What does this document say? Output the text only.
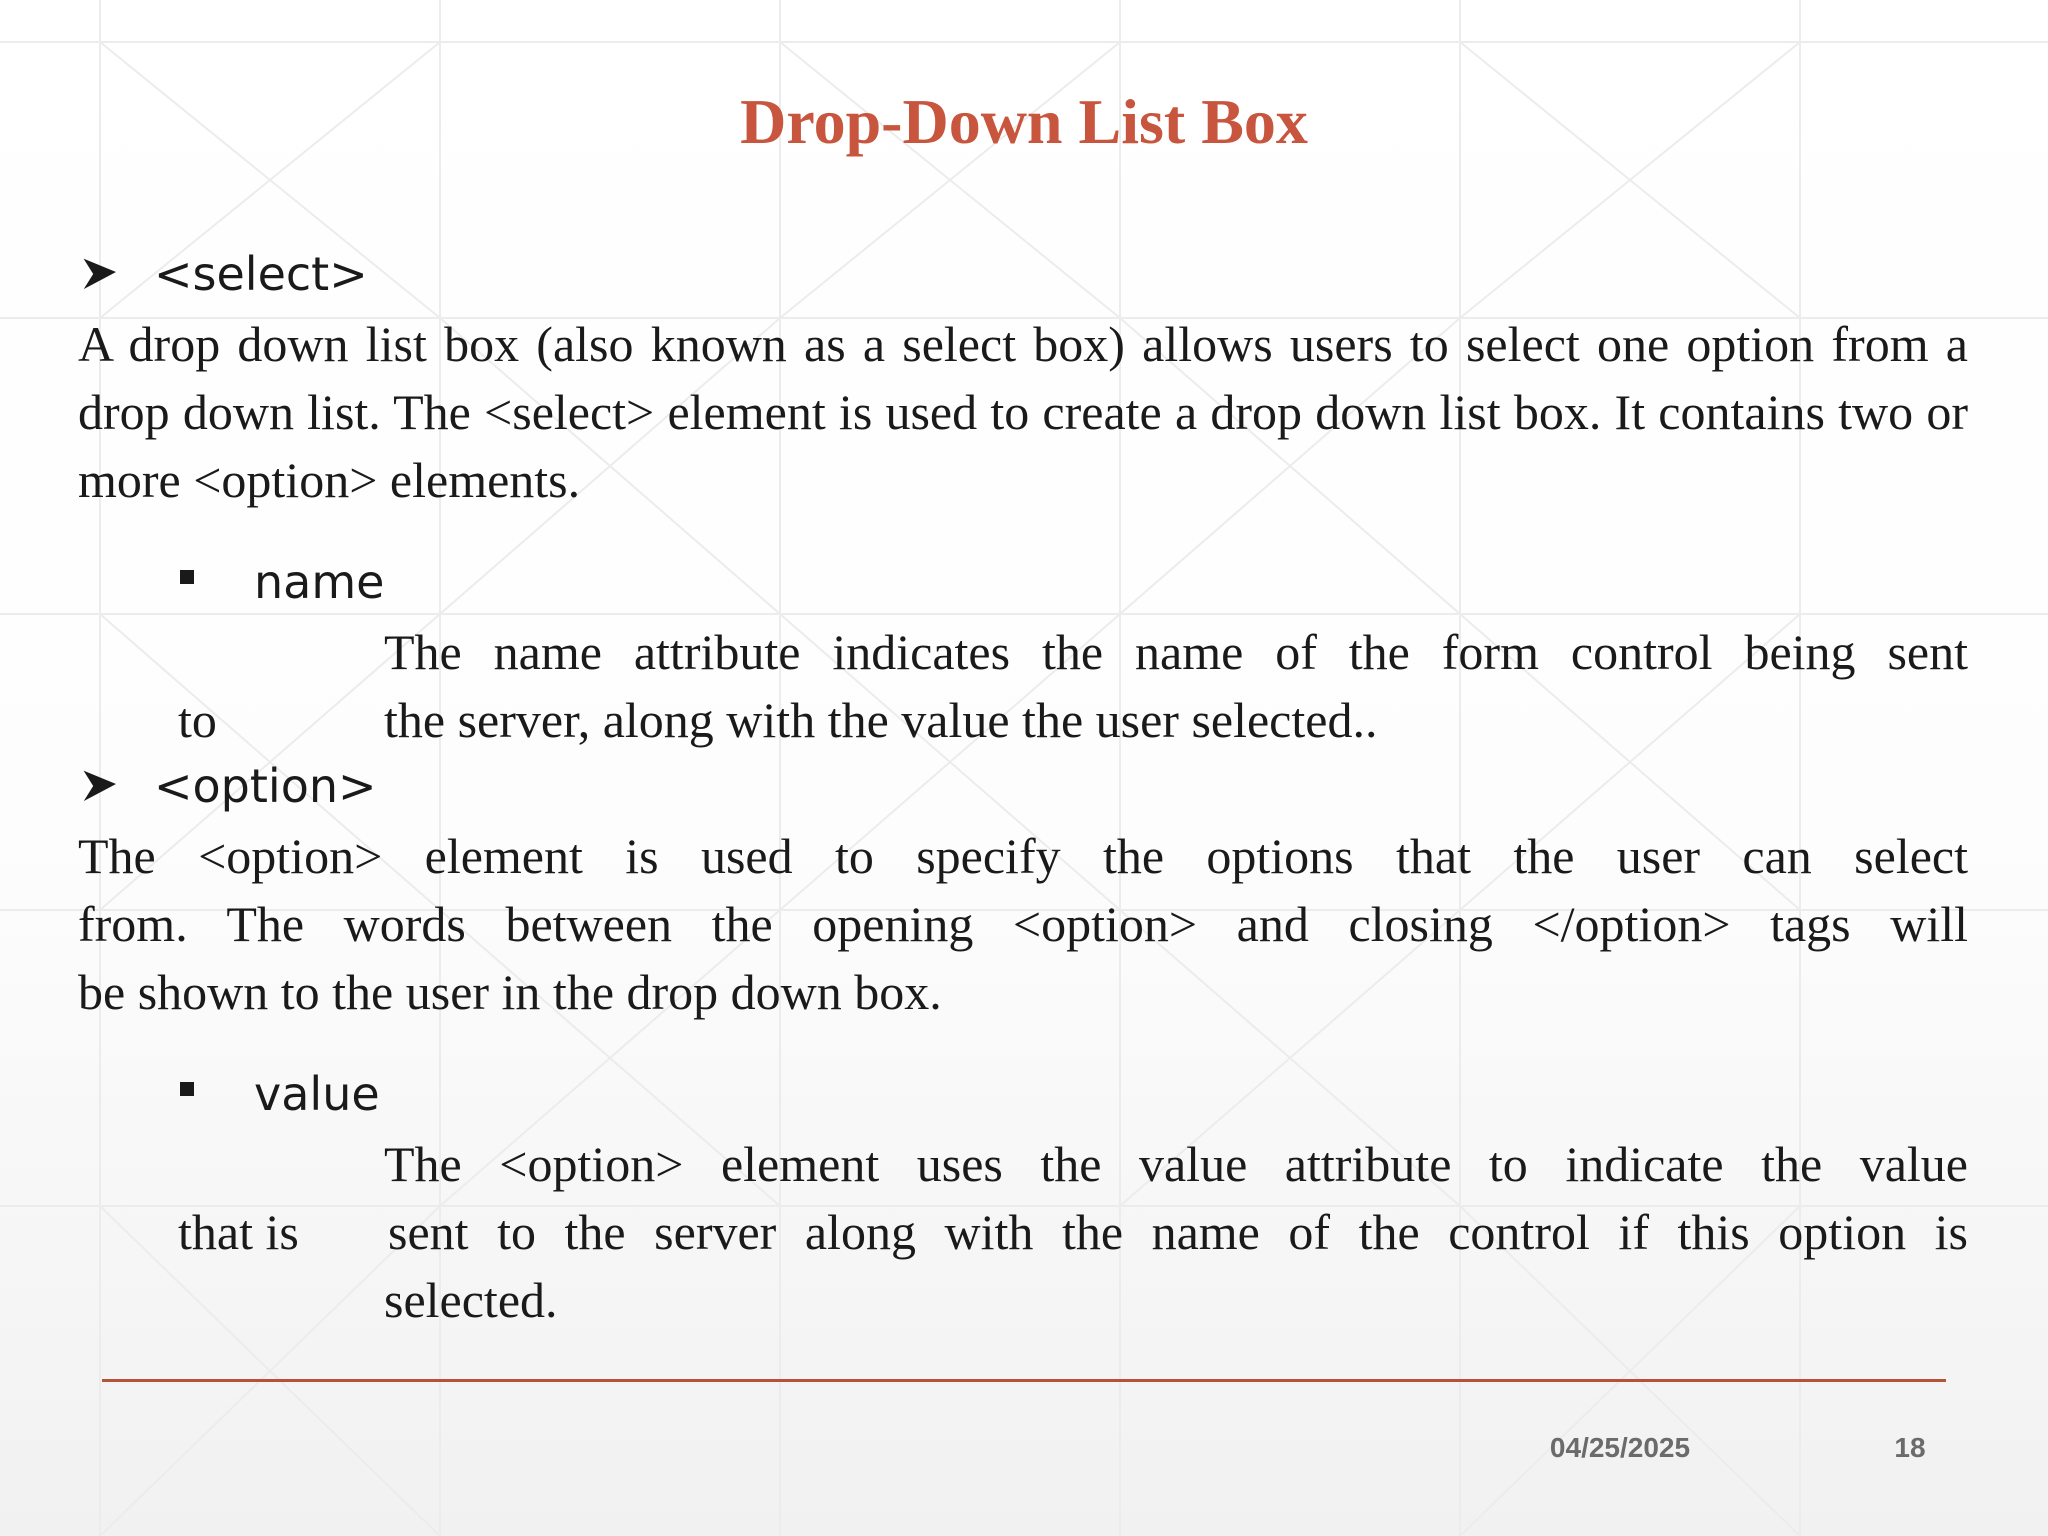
Drop-Down List Box
<select>
A drop down list box (also known as a select box) allows users to select one option from a drop down list. The <select> element is used to create a drop down list box. It contains two or more <option> elements.
name
The name attribute indicates the name of the form control being sent
to	the server, along with the value the user selected..
<option>
The <option> element is used to specify the options that the user can select
from. The words between the opening <option> and closing </option> tags will
be shown to the user in the drop down box.
value
The <option> element uses the value attribute to indicate the value
that is sent to the server along with the name of the control if this option is
selected.
04/25/2025	18
